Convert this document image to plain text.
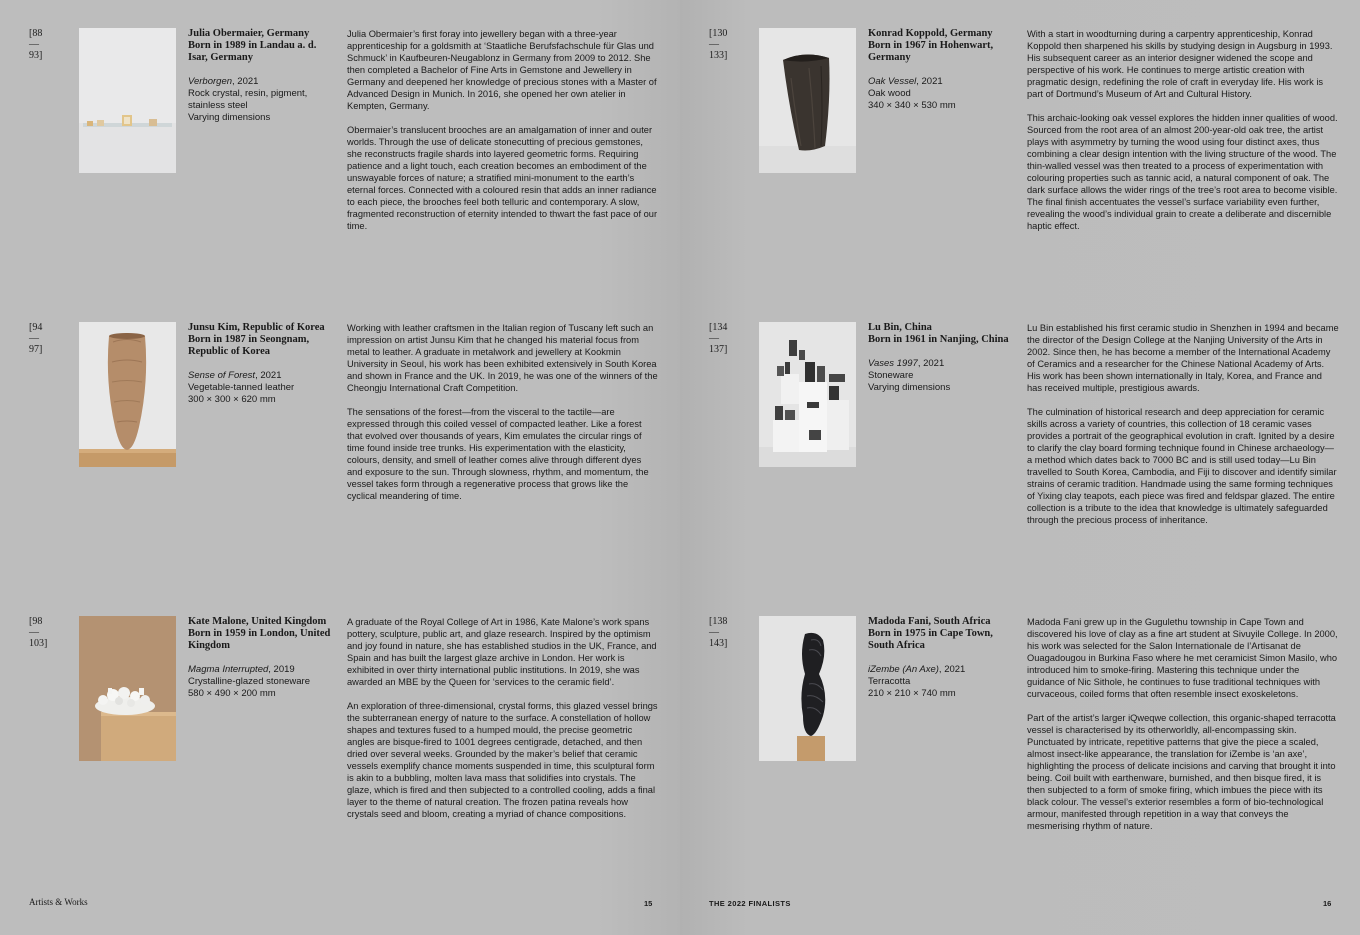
[88—93]
Julia Obermaier, Germany
Born in 1989 in Landau a. d. Isar, Germany
Verborgen, 2021
Rock crystal, resin, pigment, stainless steel
Varying dimensions

Julia Obermaier’s first foray into jewellery began with a three-year apprenticeship for a goldsmith at ‘Staatliche Berufsfachschule für Glas und Schmuck’ in Kaufbeuren-Neugablonz in Germany from 2009 to 2012. She then completed a Bachelor of Fine Arts in Gemstone and Jewellery in Germany and deepened her knowledge of precious stones with a Master of Advanced Design in Munich. In 2016, she opened her own atelier in Kempten, Germany.

Obermaier’s translucent brooches are an amalgamation of inner and outer worlds. Through the use of delicate stonecutting of precious gemstones, she reconstructs fragile shards into layered geometric forms. Requiring patience and a light touch, each creation becomes an embodiment of the unswayable forces of nature; a stratified mini-monument to the earth’s eternal forces. Connected with a coloured resin that adds an inner radiance to each piece, the brooches feel both telluric and contemporary. A slow, fragmented reconstruction of eternity intended to thwart the fast pace of our time.

[94—97]
Junsu Kim, Republic of Korea
Born in 1987 in Seongnam, Republic of Korea
Sense of Forest, 2021
Vegetable-tanned leather
300 × 300 × 620 mm

Working with leather craftsmen in the Italian region of Tuscany left such an impression on artist Junsu Kim that he changed his material focus from metal to leather. A graduate in metalwork and jewellery at Kookmin University in Seoul, his work has been exhibited extensively in South Korea and shown in France and the UK. In 2019, he was one of the winners of the Cheongju International Craft Competition.

The sensations of the forest—from the visceral to the tactile—are expressed through this coiled vessel of compacted leather. Like a forest that evolved over thousands of years, Kim emulates the circular rings of time found inside tree trunks. His experimentation with the elasticity, colours, density, and smell of leather comes alive through different dyes and exposure to the sun. Through slowness, rhythm, and momentum, the vessel takes form through a regenerative process that grows like the cyclical meandering of time.

[98—103]
Kate Malone, United Kingdom
Born in 1959 in London, United Kingdom
Magma Interrupted, 2019
Crystalline-glazed stoneware
580 × 490 × 200 mm

A graduate of the Royal College of Art in 1986, Kate Malone’s work spans pottery, sculpture, public art, and glaze research. Inspired by the optimism and joy found in nature, she has established studios in the UK, France, and Spain and has built the largest glaze archive in London. Her work is exhibited in over thirty international public institutions. In 2019, she was awarded an MBE by the Queen for ‘services to the ceramic field’.

An exploration of three-dimensional, crystal forms, this glazed vessel brings the subterranean energy of nature to the surface. A constellation of hollow shapes and textures fused to a humped mould, the precise geometric angles are bisque-fired to 1001 degrees centigrade, detached, and then dried over several weeks. Grounded by the maker’s belief that ceramic vessels exemplify chance moments suspended in time, this sculptural form is akin to a bubbling, molten lava mass that solidifies into crystals. The glaze, which is fired and then subjected to a controlled cooling, adds a final layer to the theme of natural creation. The frozen patina reveals how crystals seed and bloom, creating a myriad of chance compositions.

Artists & Works	15
[130—133]
Konrad Koppold, Germany
Born in 1967 in Hohenwart, Germany
Oak Vessel, 2021
Oak wood
340 × 340 × 530 mm

With a start in woodturning during a carpentry apprenticeship, Konrad Koppold then sharpened his skills by studying design in Augsburg in 1993. His subsequent career as an interior designer widened the scope and perspective of his work. He continues to merge artistic creation with pragmatic design, redefining the role of craft in everyday life. His work is part of Dortmund’s Museum of Art and Cultural History.

This archaic-looking oak vessel explores the hidden inner qualities of wood. Sourced from the root area of an almost 200-year-old oak tree, the artist plays with asymmetry by turning the wood using four distinct axes, thus combining a clear design intention with the living structure of the wood. The thin-walled vessel was then treated to a process of experimentation with colouring properties such as tannic acid, a natural component of oak. The dark surface allows the wider rings of the tree’s root area to become visible. The final finish accentuates the vessel’s surface variability even further, revealing the wood’s individual grain to create a deliberate and discernible haptic effect.

[134—137]
Lu Bin, China
Born in 1961 in Nanjing, China
Vases 1997, 2021
Stoneware
Varying dimensions

Lu Bin established his first ceramic studio in Shenzhen in 1994 and became the director of the Design College at the Nanjing University of the Arts in 2002. Since then, he has become a member of the International Academy of Ceramics and a researcher for the Chinese National Academy of Arts. His work has been shown internationally in Italy, Korea, and France and has received multiple, prestigious awards.

The culmination of historical research and deep appreciation for ceramic skills across a variety of countries, this collection of 18 ceramic vases provides a portrait of the geographical evolution in craft. Ignited by a desire to clarify the clay board forming technique found in Chinese archaeology—a method which dates back to 7000 BC and is still used today—Lu Bin travelled to South Korea, Cambodia, and Fiji to discover and identify similar strains of ceramic tradition. Handmade using the same forming techniques of Yixing clay teapots, each piece was fired and feldspar glazed. The entire collection is a tribute to the idea that knowledge is ultimately safeguarded through the precious process of inheritance.

[138—143]
Madoda Fani, South Africa
Born in 1975 in Cape Town, South Africa
iZembe (An Axe), 2021
Terracotta
210 × 210 × 740 mm

Madoda Fani grew up in the Gugulethu township in Cape Town and discovered his love of clay as a fine art student at Sivuyile College. In 2000, his work was selected for the Salon Internationale de l’Artisanat de Ouagadougou in Burkina Faso where he met ceramicist Simon Masilo, who introduced him to smoke-firing. Mastering this technique under the guidance of Nic Sithole, he continues to fuse traditional techniques with curvaceous, coiled forms that often resemble insect exoskeletons.

Part of the artist’s larger iQweqwe collection, this organic-shaped terracotta vessel is characterised by its otherworldly, all-encompassing skin. Punctuated by intricate, repetitive patterns that give the piece a scaled, almost insect-like appearance, the translation for iZembe is ‘an axe’, highlighting the process of delicate incisions and carving that brought it into being. Coil built with earthenware, burnished, and then bisque fired, it is then subjected to a form of smoke firing, which imbues the piece with its black colour. The vessel’s exterior resembles a form of bio-technological armour, manifested through repetition in a way that conveys the mesmerising rhythm of nature.

THE 2022 FINALISTS	16
